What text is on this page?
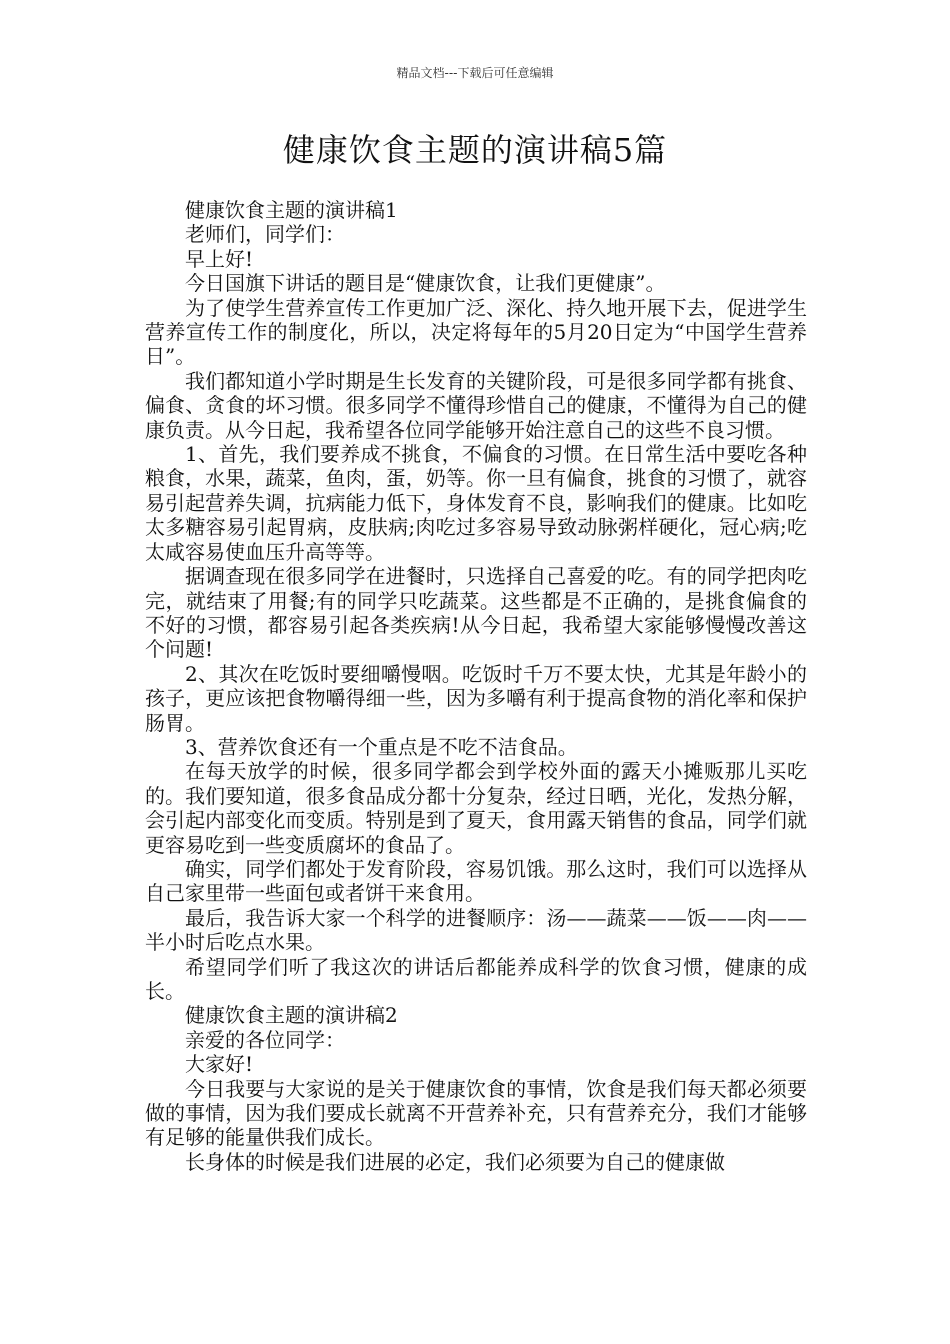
精品文档---下载后可任意编辑
健康饮食主题的演讲稿5篇

健康饮食主题的演讲稿1

老师们，同学们：

早上好!

今日国旗下讲话的题目是“健康饮食，让我们更健康”。

为了使学生营养宣传工作更加广泛、深化、持久地开展下去，促进学生营养宣传工作的制度化，所以，决定将每年的5月20日定为“中国学生营养日”。

我们都知道小学时期是生长发育的关键阶段，可是很多同学都有挑食、偏食、贪食的坏习惯。很多同学不懂得珍惜自己的健康，不懂得为自己的健康负责。从今日起，我希望各位同学能够开始注意自己的这些不良习惯。

1、首先，我们要养成不挑食，不偏食的习惯。在日常生活中要吃各种粮食，水果，蔬菜，鱼肉，蛋，奶等。你一旦有偏食，挑食的习惯了，就容易引起营养失调，抗病能力低下，身体发育不良，影响我们的健康。比如吃太多糖容易引起胃病，皮肤病;肉吃过多容易导致动脉粥样硬化，冠心病;吃太咸容易使血压升高等等。

据调查现在很多同学在进餐时，只选择自己喜爱的吃。有的同学把肉吃完，就结束了用餐;有的同学只吃蔬菜。这些都是不正确的，是挑食偏食的不好的习惯，都容易引起各类疾病!从今日起，我希望大家能够慢慢改善这个问题!

2、其次在吃饭时要细嚼慢咽。吃饭时千万不要太快，尤其是年龄小的孩子，更应该把食物嚼得细一些，因为多嚼有利于提高食物的消化率和保护肠胃。

3、营养饮食还有一个重点是不吃不洁食品。

在每天放学的时候，很多同学都会到学校外面的露天小摊贩那儿买吃的。我们要知道，很多食品成分都十分复杂，经过日晒，光化，发热分解，会引起内部变化而变质。特别是到了夏天，食用露天销售的食品，同学们就更容易吃到一些变质腐坏的食品了。

确实，同学们都处于发育阶段，容易饥饿。那么这时，我们可以选择从自己家里带一些面包或者饼干来食用。

最后，我告诉大家一个科学的进餐顺序：汤——蔬菜——饭——肉——半小时后吃点水果。

希望同学们听了我这次的讲话后都能养成科学的饮食习惯，健康的成长。

健康饮食主题的演讲稿2

亲爱的各位同学：

大家好!

今日我要与大家说的是关于健康饮食的事情，饮食是我们每天都必须要做的事情，因为我们要成长就离不开营养补充，只有营养充分，我们才能够有足够的能量供我们成长。

长身体的时候是我们进展的必定，我们必须要为自己的健康做
